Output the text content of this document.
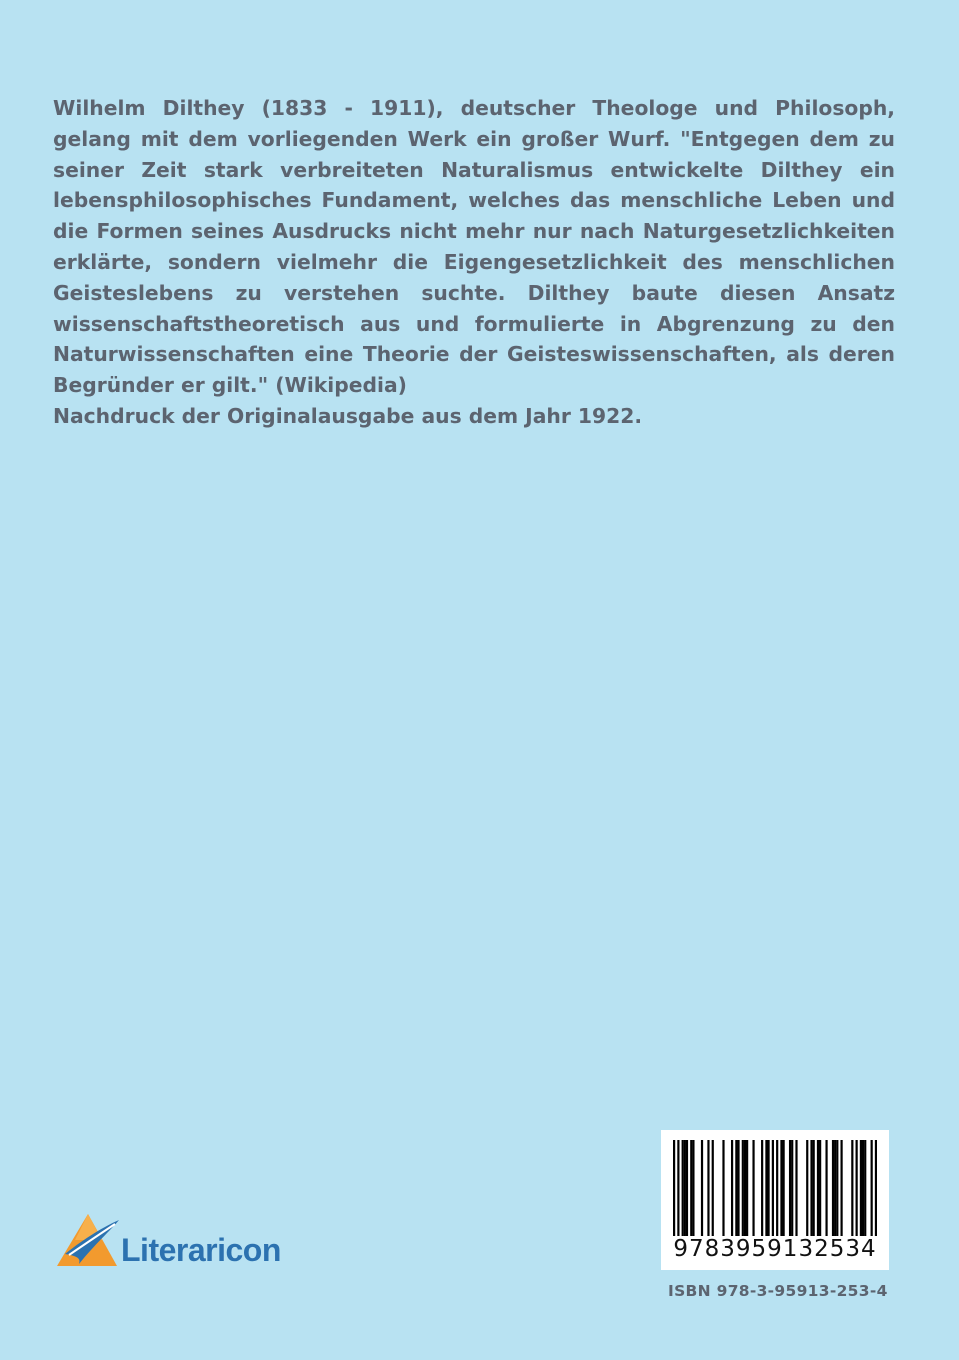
Wilhelm Dilthey (1833 - 1911), deutscher Theologe und Philosoph, gelang mit dem vorliegenden Werk ein großer Wurf. "Entgegen dem zu seiner Zeit stark verbreiteten Naturalismus entwickelte Dilthey ein lebensphilosophisches Fundament, welches das menschliche Leben und die Formen seines Ausdrucks nicht mehr nur nach Naturgesetzlichkeiten erklärte, sondern vielmehr die Eigengesetzlichkeit des menschlichen Geisteslebens zu verstehen suchte. Dilthey baute diesen Ansatz wissenschaftstheoretisch aus und formulierte in Abgrenzung zu den Naturwissenschaften eine Theorie der Geisteswissenschaften, als deren Begründer er gilt." (Wikipedia)
Nachdruck der Originalausgabe aus dem Jahr 1922.
Literaricon	9783959132534
ISBN 978-3-95913-253-4
